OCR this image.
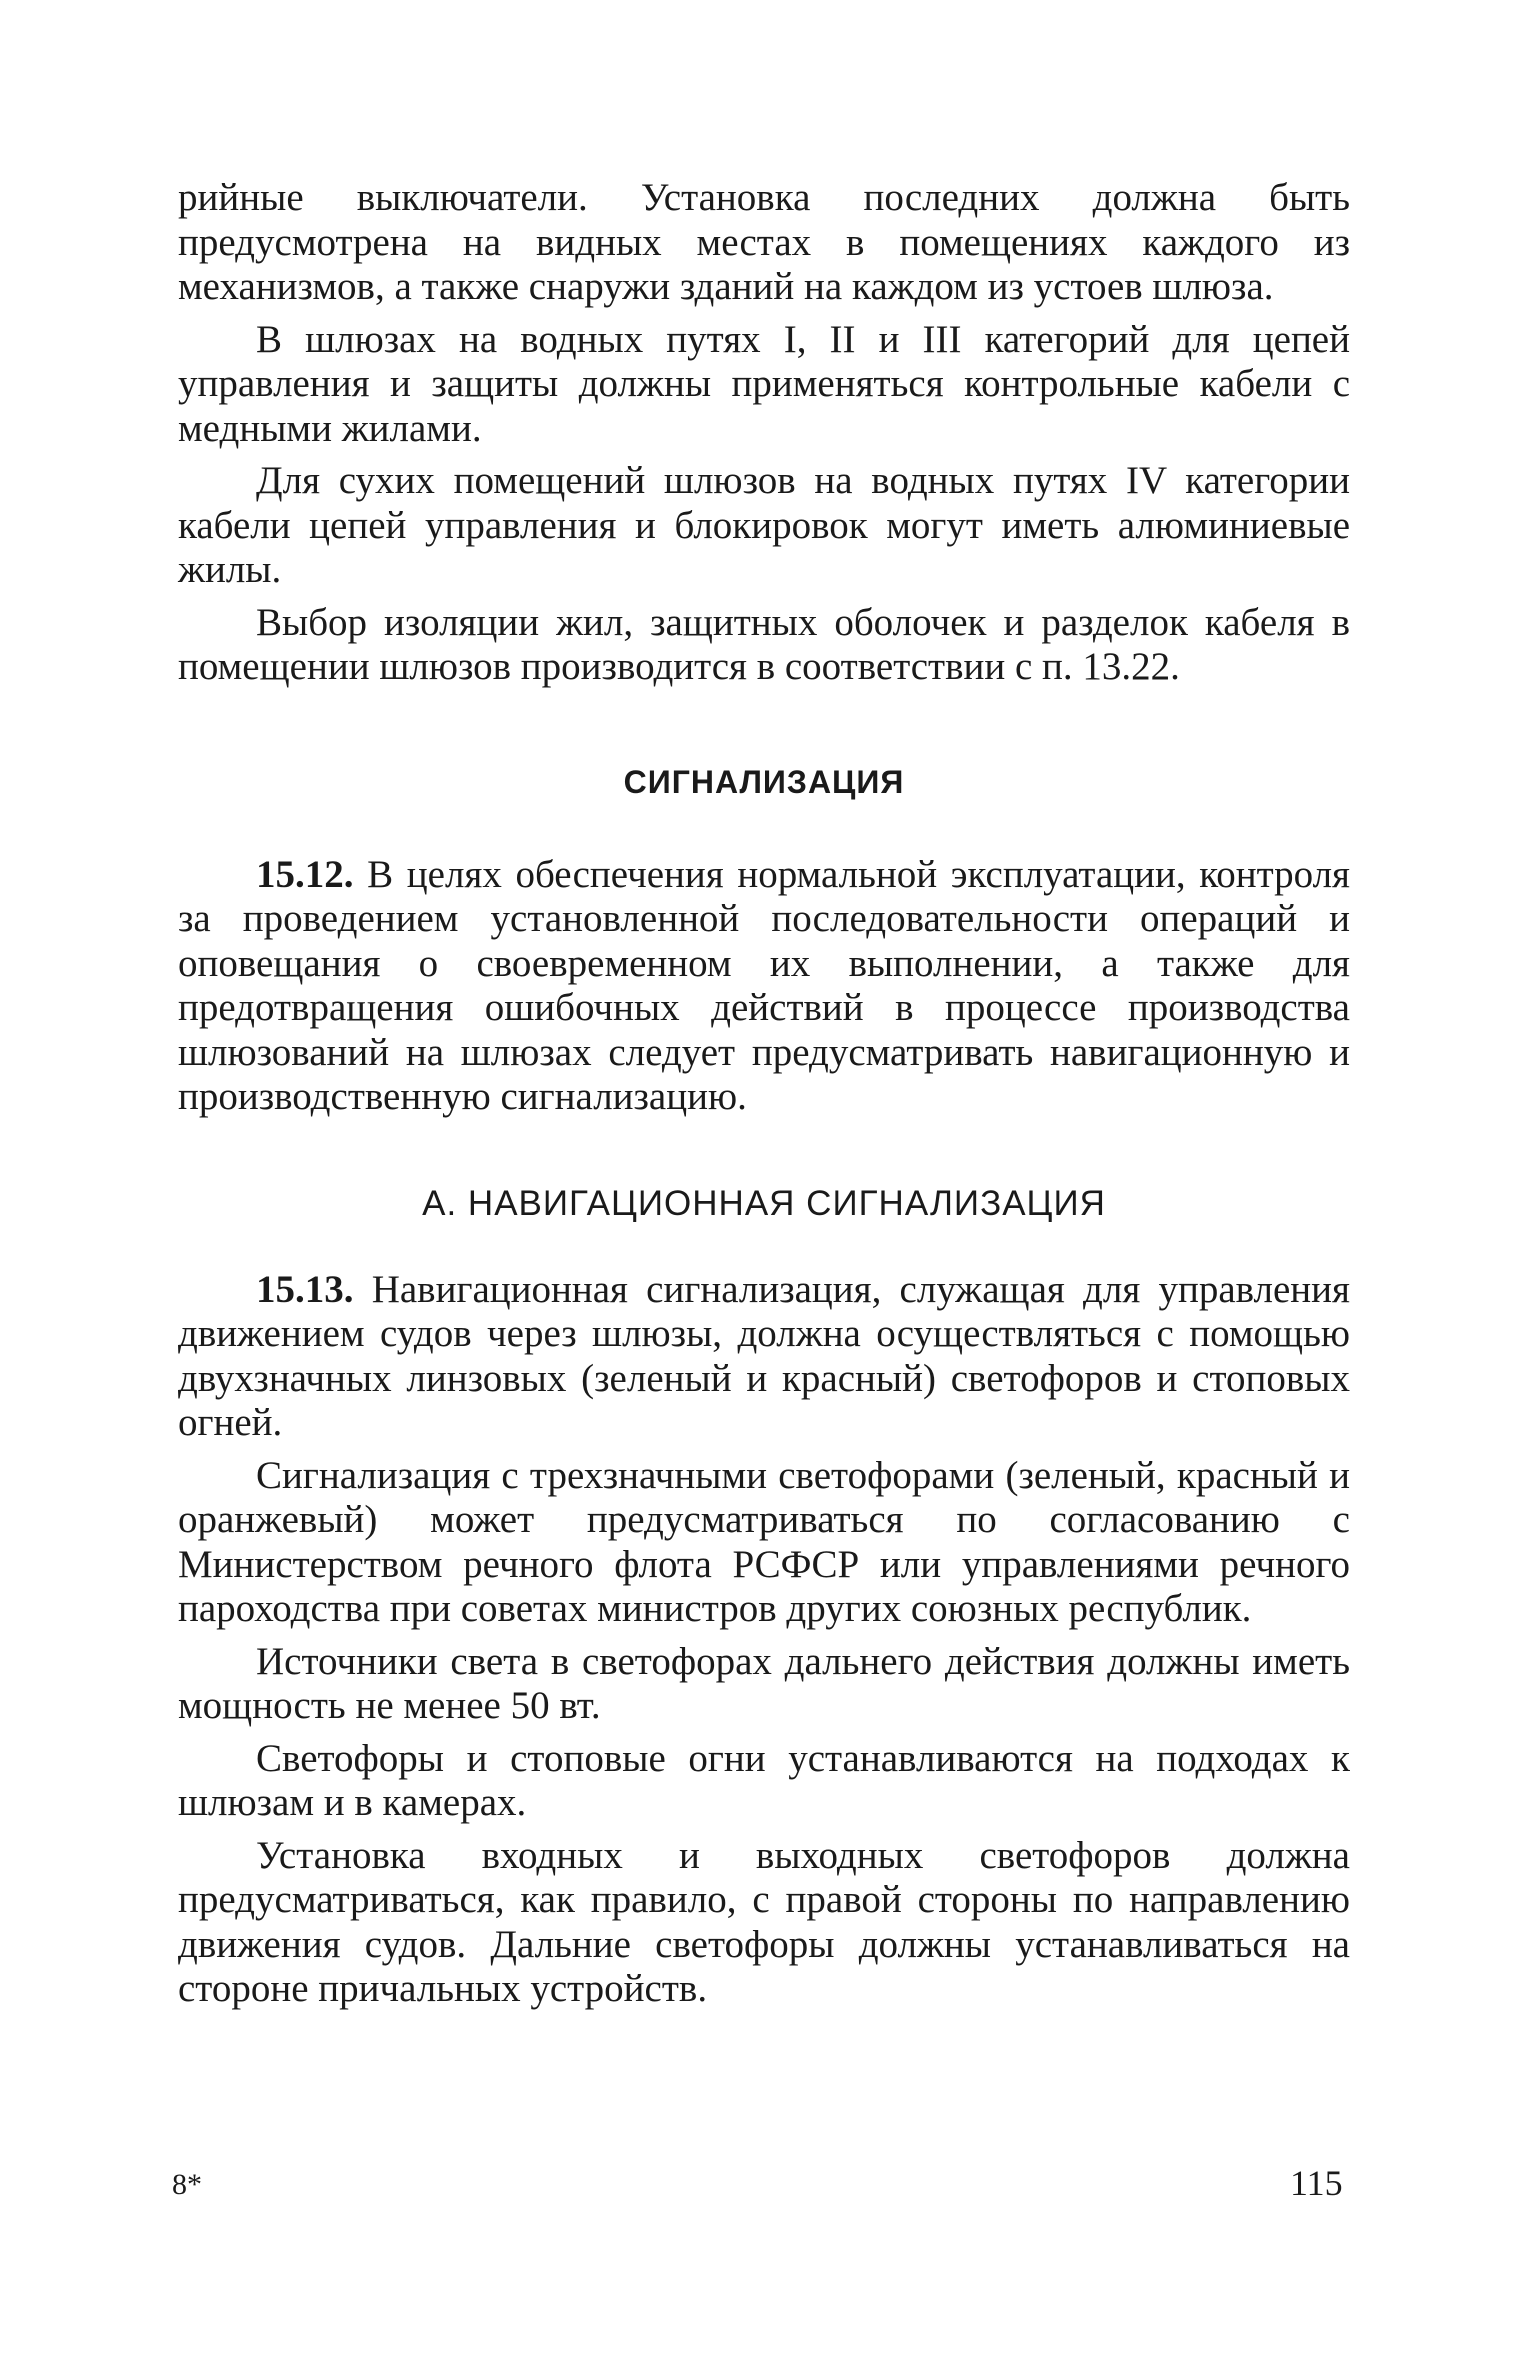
рийные выключатели. Установка последних должна быть предусмотрена на видных местах в помещениях каждого из механизмов, а также снаружи зданий на каждом из устоев шлюза.

В шлюзах на водных путях I, II и III категорий для цепей управления и защиты должны применяться контрольные кабели с медными жилами.

Для сухих помещений шлюзов на водных путях IV категории кабели цепей управления и блокировок могут иметь алюминиевые жилы.

Выбор изоляции жил, защитных оболочек и разделок кабеля в помещении шлюзов производится в соответствии с п. 13.22.

СИГНАЛИЗАЦИЯ

15.12. В целях обеспечения нормальной эксплуатации, контроля за проведением установленной последовательности операций и оповещания о своевременном их выполнении, а также для предотвращения ошибочных действий в процессе производства шлюзований на шлюзах следует предусматривать навигационную и производственную сигнализацию.

А. НАВИГАЦИОННАЯ СИГНАЛИЗАЦИЯ

15.13. Навигационная сигнализация, служащая для управления движением судов через шлюзы, должна осуществляться с помощью двухзначных линзовых (зеленый и красный) светофоров и стоповых огней.

Сигнализация с трехзначными светофорами (зеленый, красный и оранжевый) может предусматриваться по согласованию с Министерством речного флота РСФСР или управлениями речного пароходства при советах министров других союзных республик.

Источники света в светофорах дальнего действия должны иметь мощность не менее 50 вт.

Светофоры и стоповые огни устанавливаются на подходах к шлюзам и в камерах.

Установка входных и выходных светофоров должна предусматриваться, как правило, с правой стороны по направлению движения судов. Дальние светофоры должны устанавливаться на стороне причальных устройств.

8*	115
